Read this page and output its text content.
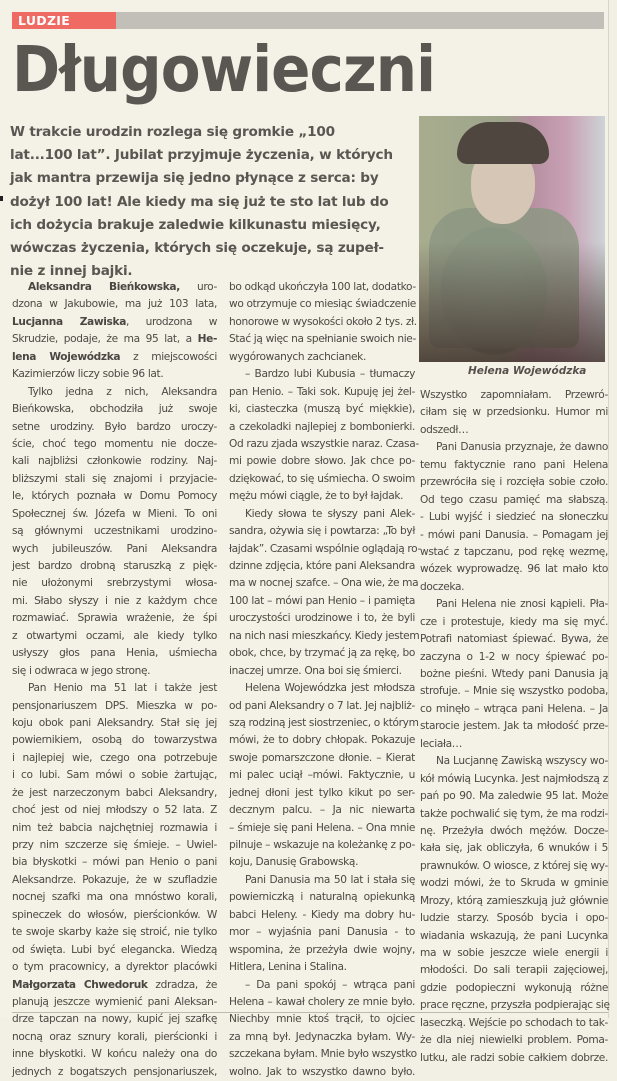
LUDZIE
Długowieczni

W trakcie urodzin rozlega się gromkie „100

lat...100 lat”. Jubilat przyjmuje życzenia, w których

jak mantra przewija się jedno płynące z serca: by

dożył 100 lat! Ale kiedy ma się już te sto lat lub do

ich dożycia brakuje zaledwie kilkunastu miesięcy,

wówczas życzenia, których się oczekuje, są zupeł-

nie z innej bajki.

Helena Wojewódzka
Aleksandra Bieńkowska, uro-
dzona w Jakubowie, ma już 103 lata,
Lucjanna Zawiska, urodzona w
Skrudzie, podaje, że ma 95 lat, a He-
lena Wojewódzka z miejscowości
Kazimierzów liczy sobie 96 lat.
Tylko jedna z nich, Aleksandra
Bieńkowska, obchodziła już swoje
setne urodziny. Było bardzo uroczy-
ście, choć tego momentu nie docze-
kali najbliżsi członkowie rodziny. Naj-
bliższymi stali się znajomi i przyjacie-
le, których poznała w Domu Pomocy
Społecznej św. Józefa w Mieni. To oni
są głównymi uczestnikami urodzino-
wych jubileuszów. Pani Aleksandra
jest bardzo drobną staruszką z pięk-
nie ułożonymi srebrzystymi włosa-
mi. Słabo słyszy i nie z każdym chce
rozmawiać. Sprawia wrażenie, że śpi
z otwartymi oczami, ale kiedy tylko
usłyszy głos pana Henia, uśmiecha
się i odwraca w jego stronę.
Pan Henio ma 51 lat i także jest
pensjonariuszem DPS. Mieszka w po-
koju obok pani Aleksandry. Stał się jej
powiernikiem, osobą do towarzystwa
i najlepiej wie, czego ona potrzebuje
i co lubi. Sam mówi o sobie żartując,
że jest narzeczonym babci Aleksandry,
choć jest od niej młodszy o 52 lata. Z
nim też babcia najchętniej rozmawia i
przy nim szczerze się śmieje. – Uwiel-
bia błyskotki – mówi pan Henio o pani
Aleksandrze. Pokazuje, że w szufladzie
nocnej szafki ma ona mnóstwo korali,
spineczek do włosów, pierścionków. W
te swoje skarby każe się stroić, nie tylko
od święta. Lubi być elegancka. Wiedzą
o tym pracownicy, a dyrektor placówki
Małgorzata Chwedoruk zdradza, że
planują jeszcze wymienić pani Aleksan-
drze tapczan na nowy, kupić jej szafkę
nocną oraz sznury korali, pierścionki i
inne błyskotki. W końcu należy ona do
jednych z bogatszych pensjonariuszek,
bo odkąd ukończyła 100 lat, dodatko-
wo otrzymuje co miesiąc świadczenie
honorowe w wysokości około 2 tys. zł.
Stać ją więc na spełnianie swoich nie-
wygórowanych zachcianek.
– Bardzo lubi Kubusia – tłumaczy
pan Henio. – Taki sok. Kupuję jej żel-
ki, ciasteczka (muszą być miękkie),
a czekoladki najlepiej z bombonierki.
Od razu zjada wszystkie naraz. Czasa-
mi powie dobre słowo. Jak chce po-
dziękować, to się uśmiecha. O swoim
mężu mówi ciągle, że to był łajdak.
Kiedy słowa te słyszy pani Alek-
sandra, ożywia się i powtarza: „To był
łajdak”. Czasami wspólnie oglądają ro-
dzinne zdjęcia, które pani Aleksandra
ma w nocnej szafce. – Ona wie, że ma
100 lat – mówi pan Henio – i pamięta
uroczystości urodzinowe i to, że byli
na nich nasi mieszkańcy. Kiedy jestem
obok, chce, by trzymać ją za rękę, bo
inaczej umrze. Ona boi się śmierci.
Helena Wojewódzka jest młodsza
od pani Aleksandry o 7 lat. Jej najbliż-
szą rodziną jest siostrzeniec, o którym
mówi, że to dobry chłopak. Pokazuje
swoje pomarszczone dłonie. – Kierat
mi palec uciął –mówi. Faktycznie, u
jednej dłoni jest tylko kikut po ser-
decznym palcu. – Ja nic niewarta
– śmieje się pani Helena. – Ona mnie
pilnuje – wskazuje na koleżankę z po-
koju, Danusię Grabowską.
Pani Danusia ma 50 lat i stała się
powierniczką i naturalną opiekunką
babci Heleny. - Kiedy ma dobry hu-
mor – wyjaśnia pani Danusia - to
wspomina, że przeżyła dwie wojny,
Hitlera, Lenina i Stalina.
– Da pani spokój – wtrąca pani
Helena – kawał cholery ze mnie było.
Niechby mnie ktoś trącił, to ojciec
za mną był. Jedynaczka byłam. Wy-
szczekana byłam. Mnie było wszystko
wolno. Jak to wszystko dawno było.
Wszystko zapomniałam. Przewró-
ciłam się w przedsionku. Humor mi
odszedł…
Pani Danusia przyznaje, że dawno
temu faktycznie rano pani Helena
przewróciła się i rozcięła sobie czoło.
Od tego czasu pamięć ma słabszą.
- Lubi wyjść i siedzieć na słoneczku
- mówi pani Danusia. – Pomagam jej
wstać z tapczanu, pod rękę wezmę,
wózek wyprowadzę. 96 lat mało kto
doczeka.
Pani Helena nie znosi kąpieli. Pła-
cze i protestuje, kiedy ma się myć.
Potrafi natomiast śpiewać. Bywa, że
zaczyna o 1-2 w nocy śpiewać po-
bożne pieśni. Wtedy pani Danusia ją
strofuje. – Mnie się wszystko podoba,
co minęło – wtrąca pani Helena. – Ja
starocie jestem. Jak ta młodość prze-
leciała…
Na Lucjannę Zawiską wszyscy wo-
kół mówią Lucynka. Jest najmłodszą z
pań po 90. Ma zaledwie 95 lat. Może
także pochwalić się tym, że ma rodzi-
nę. Przeżyła dwóch mężów. Docze-
kała się, jak obliczyła, 6 wnuków i 5
prawnuków. O wiosce, z której się wy-
wodzi mówi, że to Skruda w gminie
Mrozy, którą zamieszkują już głównie
ludzie starzy. Sposób bycia i opo-
wiadania wskazują, że pani Lucynka
ma w sobie jeszcze wiele energii i
młodości. Do sali terapii zajęciowej,
gdzie podopieczni wykonują różne
prace ręczne, przyszła podpierając się
laseczką. Wejście po schodach to tak-
że dla niej niewielki problem. Poma-
lutku, ale radzi sobie całkiem dobrze.
